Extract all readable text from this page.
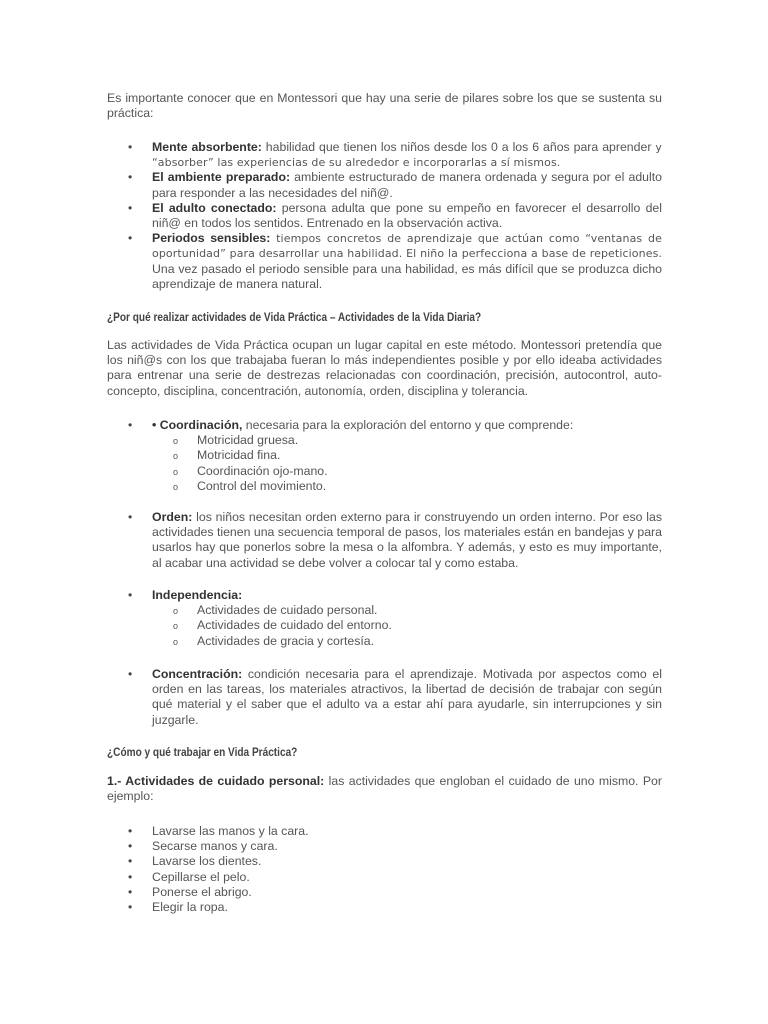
Es importante conocer que en Montessori que hay una serie de pilares sobre los que se sustenta su práctica:

• Mente absorbente: habilidad que tienen los niños desde los 0 a los 6 años para aprender y “absorber” las experiencias de su alrededor e incorporarlas a sí mismos.
• El ambiente preparado: ambiente estructurado de manera ordenada y segura por el adulto para responder a las necesidades del niñ@.
• El adulto conectado: persona adulta que pone su empeño en favorecer el desarrollo del niñ@ en todos los sentidos. Entrenado en la observación activa.
• Periodos sensibles: tiempos concretos de aprendizaje que actúan como “ventanas de oportunidad” para desarrollar una habilidad. El niño la perfecciona a base de repeticiones. Una vez pasado el periodo sensible para una habilidad, es más difícil que se produzca dicho aprendizaje de manera natural.
¿Por qué realizar actividades de Vida Práctica – Actividades de la Vida Diaria?

Las actividades de Vida Práctica ocupan un lugar capital en este método. Montessori pretendía que los niñ@s con los que trabajaba fueran lo más independientes posible y por ello ideaba actividades para entrenar una serie de destrezas relacionadas con coordinación, precisión, autocontrol, auto-concepto, disciplina, concentración, autonomía, orden, disciplina y tolerancia.

• • Coordinación, necesaria para la exploración del entorno y que comprende:
o Motricidad gruesa.
o Motricidad fina.
o Coordinación ojo-mano.
o Control del movimiento.
• Orden: los niños necesitan orden externo para ir construyendo un orden interno. Por eso las actividades tienen una secuencia temporal de pasos, los materiales están en bandejas y para usarlos hay que ponerlos sobre la mesa o la alfombra. Y además, y esto es muy importante, al acabar una actividad se debe volver a colocar tal y como estaba.
• Independencia:
o Actividades de cuidado personal.
o Actividades de cuidado del entorno.
o Actividades de gracia y cortesía.
• Concentración: condición necesaria para el aprendizaje. Motivada por aspectos como el orden en las tareas, los materiales atractivos, la libertad de decisión de trabajar con según qué material y el saber que el adulto va a estar ahí para ayudarle, sin interrupciones y sin juzgarle.
¿Cómo y qué trabajar en Vida Práctica?

1.- Actividades de cuidado personal: las actividades que engloban el cuidado de uno mismo. Por ejemplo:

• Lavarse las manos y la cara.
• Secarse manos y cara.
• Lavarse los dientes.
• Cepillarse el pelo.
• Ponerse el abrigo.
• Elegir la ropa.
